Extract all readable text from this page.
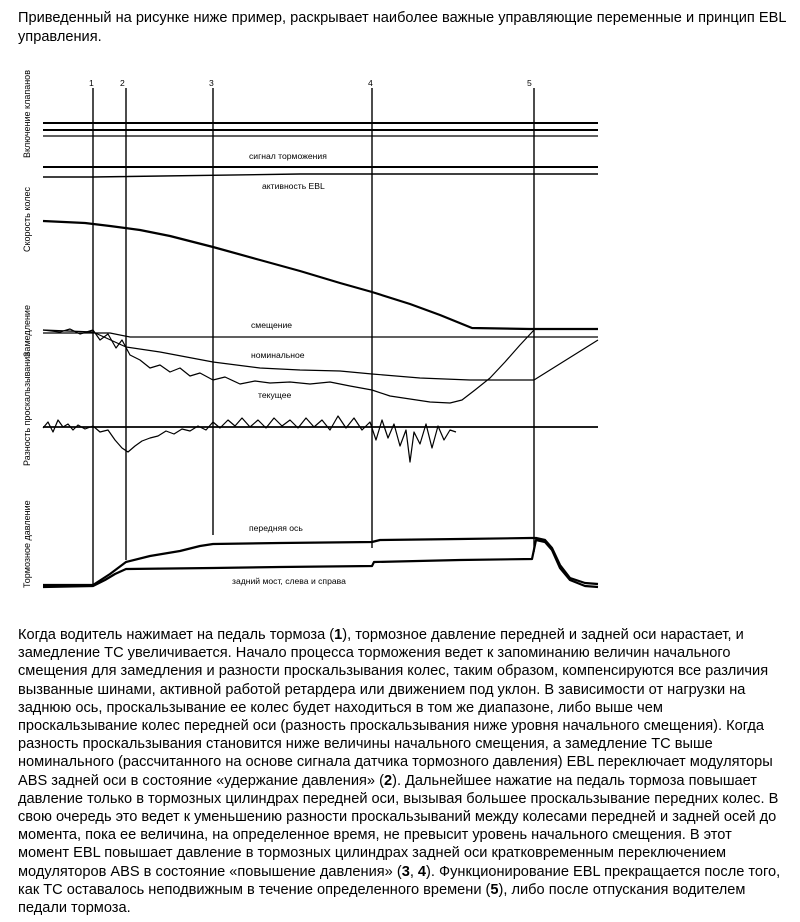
Приведенный на рисунке ниже пример, раскрывает наиболее важные управляющие переменные и принцип EBL управления.

1	2	3	4	5
Включение клапанов
Скорость колес
Замедление
Разность проскальзывания
Тормозное давление
сигнал торможения
активность EBL
смещение
номинальное
текущее
передняя ось
задний мост, слева и справа

Когда водитель нажимает на педаль тормоза (1), тормозное давление передней и задней оси нарастает, и замедление ТС увеличивается. Начало процесса торможения ведет к запоминанию величин начального смещения для замедления и разности проскальзывания колес, таким образом, компенсируются все различия вызванные шинами, активной работой ретардера или движением под уклон. В зависимости от нагрузки на заднюю ось, проскальзывание ее колес будет находиться в том же диапазоне, либо выше чем проскальзывание колес передней оси (разность проскальзывания ниже уровня начального смещения). Когда разность проскальзывания становится ниже величины начального смещения, а замедление ТС выше номинального (рассчитанного на основе сигнала датчика тормозного давления) EBL переключает модуляторы ABS задней оси в состояние «удержание давления» (2). Дальнейшее нажатие на педаль тормоза повышает давление только в тормозных цилиндрах передней оси, вызывая большее проскальзывание передних колес. В свою очередь это ведет к уменьшению разности проскальзываний между колесами передней и задней осей до момента, пока ее величина, на определенное время, не превысит уровень начального смещения. В этот момент EBL повышает давление в тормозных цилиндрах задней оси кратковременным переключением модуляторов ABS в состояние «повышение давления» (3, 4). Функционирование EBL прекращается после того, как ТС оставалось неподвижным в течение определенного времени (5), либо после отпускания водителем педали тормоза.
